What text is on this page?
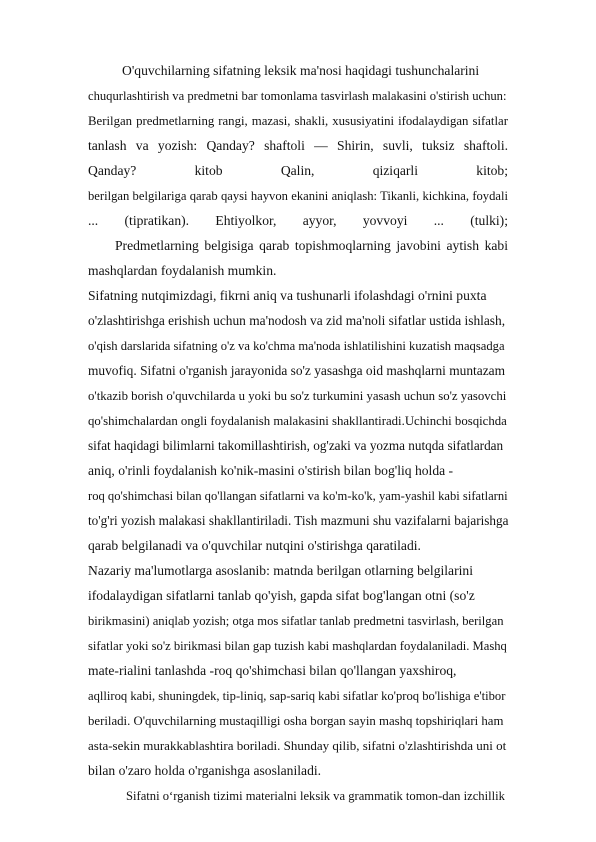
O'quvchilarning sifatning leksik ma'nosi haqidagi tushunchalarini
chuqurlashtirish va predmetni bar tomonlama tasvirlash malakasini o'stirish uchun:
Berilgan predmetlarning rangi, mazasi, shakli, xususiyatini ifodalaydigan sifatlar
tanlash va yozish: Qanday? shaftoli — Shirin, suvli, tuksiz shaftoli.
Qanday? kitob Qalin, qiziqarli kitob;
berilgan belgilariga qarab qaysi hayvon ekanini aniqlash: Tikanli, kichkina, foydali
... (tipratikan). Ehtiyolkor, ayyor, yovvoyi ... (tulki);
Predmetlarning belgisiga qarab topishmoqlarning javobini aytish kabi
mashqlardan foydalanish mumkin.
Sifatning nutqimizdagi, fikrni aniq va tushunarli ifolashdagi o'rnini puxta
o'zlashtirishga erishish uchun ma'nodosh va zid ma'noli sifatlar ustida ishlash,
o'qish darslarida sifatning o'z va ko'chma ma'noda ishlatilishini kuzatish maqsadga
muvofiq. Sifatni o'rganish jarayonida so'z yasashga oid mashqlarni muntazam
o'tkazib borish o'quvchilarda u yoki bu so'z turkumini yasash uchun so'z yasovchi
qo'shimchalardan ongli foydalanish malakasini shakllantiradi.Uchinchi bosqichda
sifat haqidagi bilimlarni takomillashtirish, og'zaki va yozma nutqda sifatlardan
aniq, o'rinli foydalanish ko'nik-masini o'stirish bilan bog'liq holda -
roq qo'shimchasi bilan qo'llangan sifatlarni va ko'm-ko'k, yam-yashil kabi sifatlarni
to'g'ri yozish malakasi shakllantiriladi. Tish mazmuni shu vazifalarni bajarishga
qarab belgilanadi va o'quvchilar nutqini o'stirishga qaratiladi.
Nazariy ma'lumotlarga asoslanib: matnda berilgan otlarning belgilarini
ifodalaydigan sifatlarni tanlab qo'yish, gapda sifat bog'langan otni (so'z
birikmasini) aniqlab yozish; otga mos sifatlar tanlab predmetni tasvirlash, berilgan
sifatlar yoki so'z birikmasi bilan gap tuzish kabi mashqlardan foydalaniladi. Mashq
mate-rialini tanlashda -roq qo'shimchasi bilan qo'llangan yaxshiroq,
aqlliroq kabi, shuningdek, tip-liniq, sap-sariq kabi sifatlar ko'proq bo'lishiga e'tibor
beriladi. O'quvchilarning mustaqilligi osha borgan sayin mashq topshiriqlari ham
asta-sekin murakkablashtira boriladi. Shunday qilib, sifatni o'zlashtirishda uni ot
bilan o'zaro holda o'rganishga asoslaniladi.
Sifatni o‘rganish tizimi materialni leksik va grammatik tomon-dan izchillik
